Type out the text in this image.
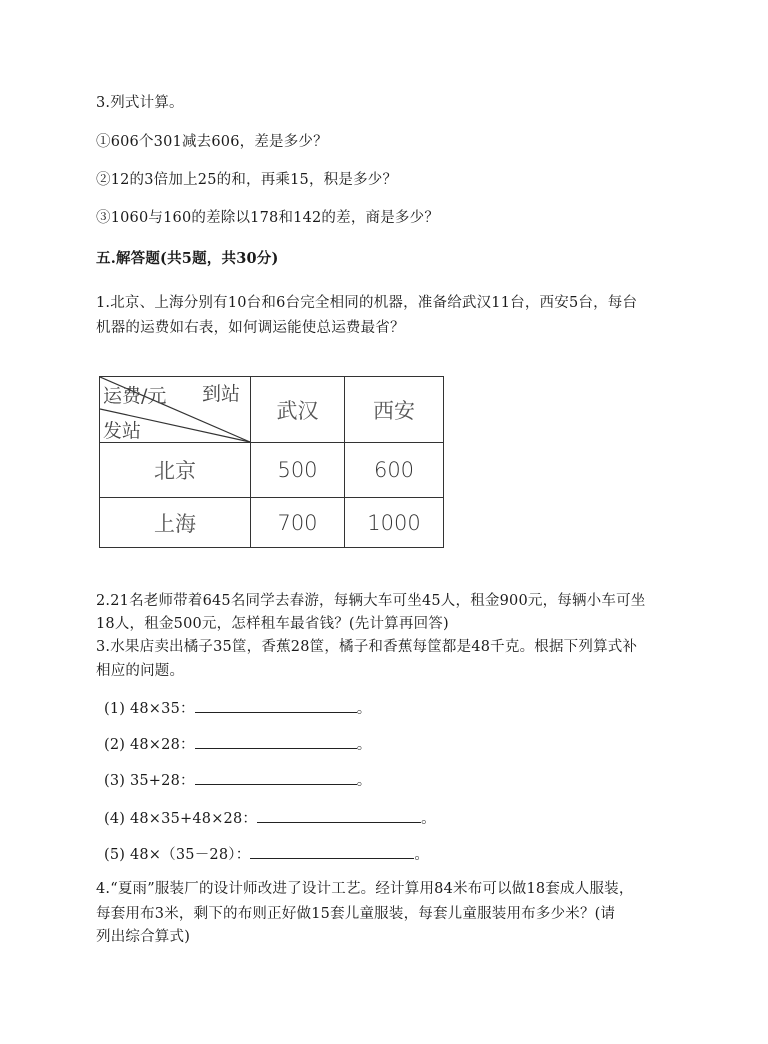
3.列式计算。
①606个301减去606，差是多少？
②12的3倍加上25的和，再乘15，积是多少？
③1060与160的差除以178和142的差，商是多少？
五.解答题(共5题，共30分)
1.北京、上海分别有10台和6台完全相同的机器，准备给武汉11台，西安5台，每台
机器的运费如右表，如何调运能使总运费最省？
运费/元 到站
发站
武汉	西安
北京	500	600
上海	700	1000
2.21名老师带着645名同学去春游，每辆大车可坐45人，租金900元，每辆小车可坐
18人，租金500元，怎样租车最省钱？(先计算再回答)
3.水果店卖出橘子35筐，香蕉28筐，橘子和香蕉每筐都是48千克。根据下列算式补
相应的问题。
(1) 48×35：	。
(2) 48×28：	。
(3) 35+28：	。
(4) 48×35+48×28：	。
(5) 48×（35－28）：	。
4.“夏雨”服装厂的设计师改进了设计工艺。经计算用84米布可以做18套成人服装，
每套用布3米，剩下的布则正好做15套儿童服装，每套儿童服装用布多少米？(请
列出综合算式)
